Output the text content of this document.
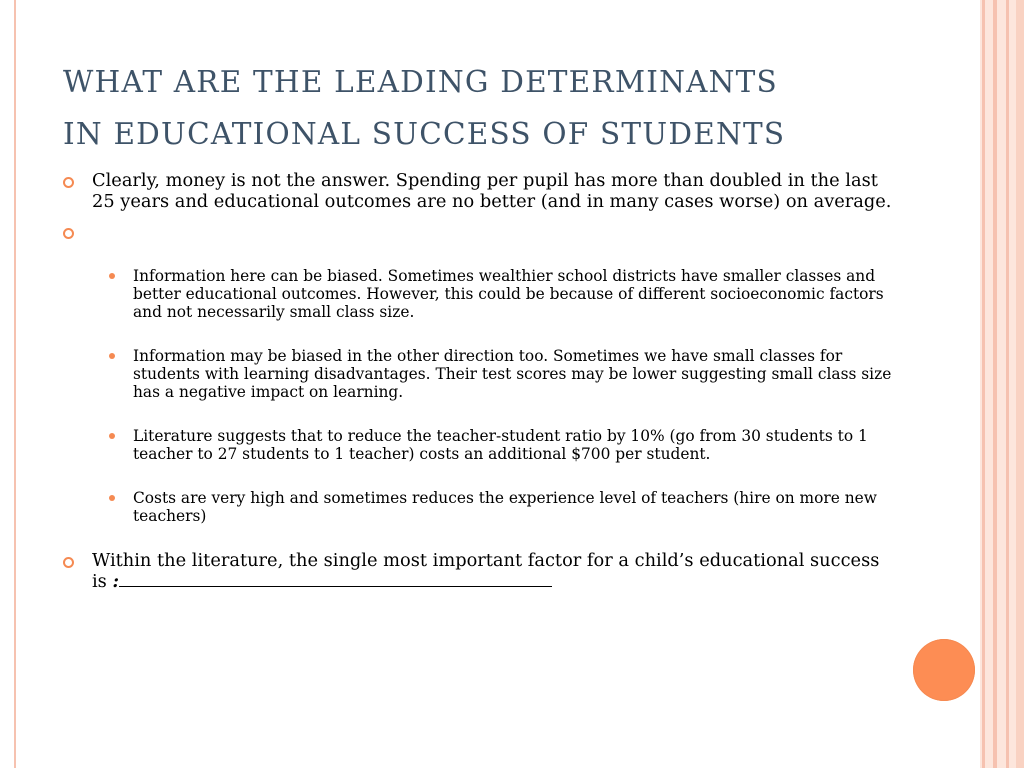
WHAT ARE THE LEADING DETERMINANTS
IN EDUCATIONAL SUCCESS OF STUDENTS
Clearly, money is not the answer. Spending per pupil has more than doubled in the last 25 years and educational outcomes are no better (and in many cases worse) on average.
Information here can be biased. Sometimes wealthier school districts have smaller classes and better educational outcomes. However, this could be because of different socioeconomic factors and not necessarily small class size.
Information may be biased in the other direction too. Sometimes we have small classes for students with learning disadvantages. Their test scores may be lower suggesting small class size has a negative impact on learning.
Literature suggests that to reduce the teacher-student ratio by 10% (go from 30 students to 1 teacher to 27 students to 1 teacher) costs an additional $700 per student.
Costs are very high and sometimes reduces the experience level of teachers (hire on more new teachers)
Within the literature, the single most important factor for a child’s educational success is :
